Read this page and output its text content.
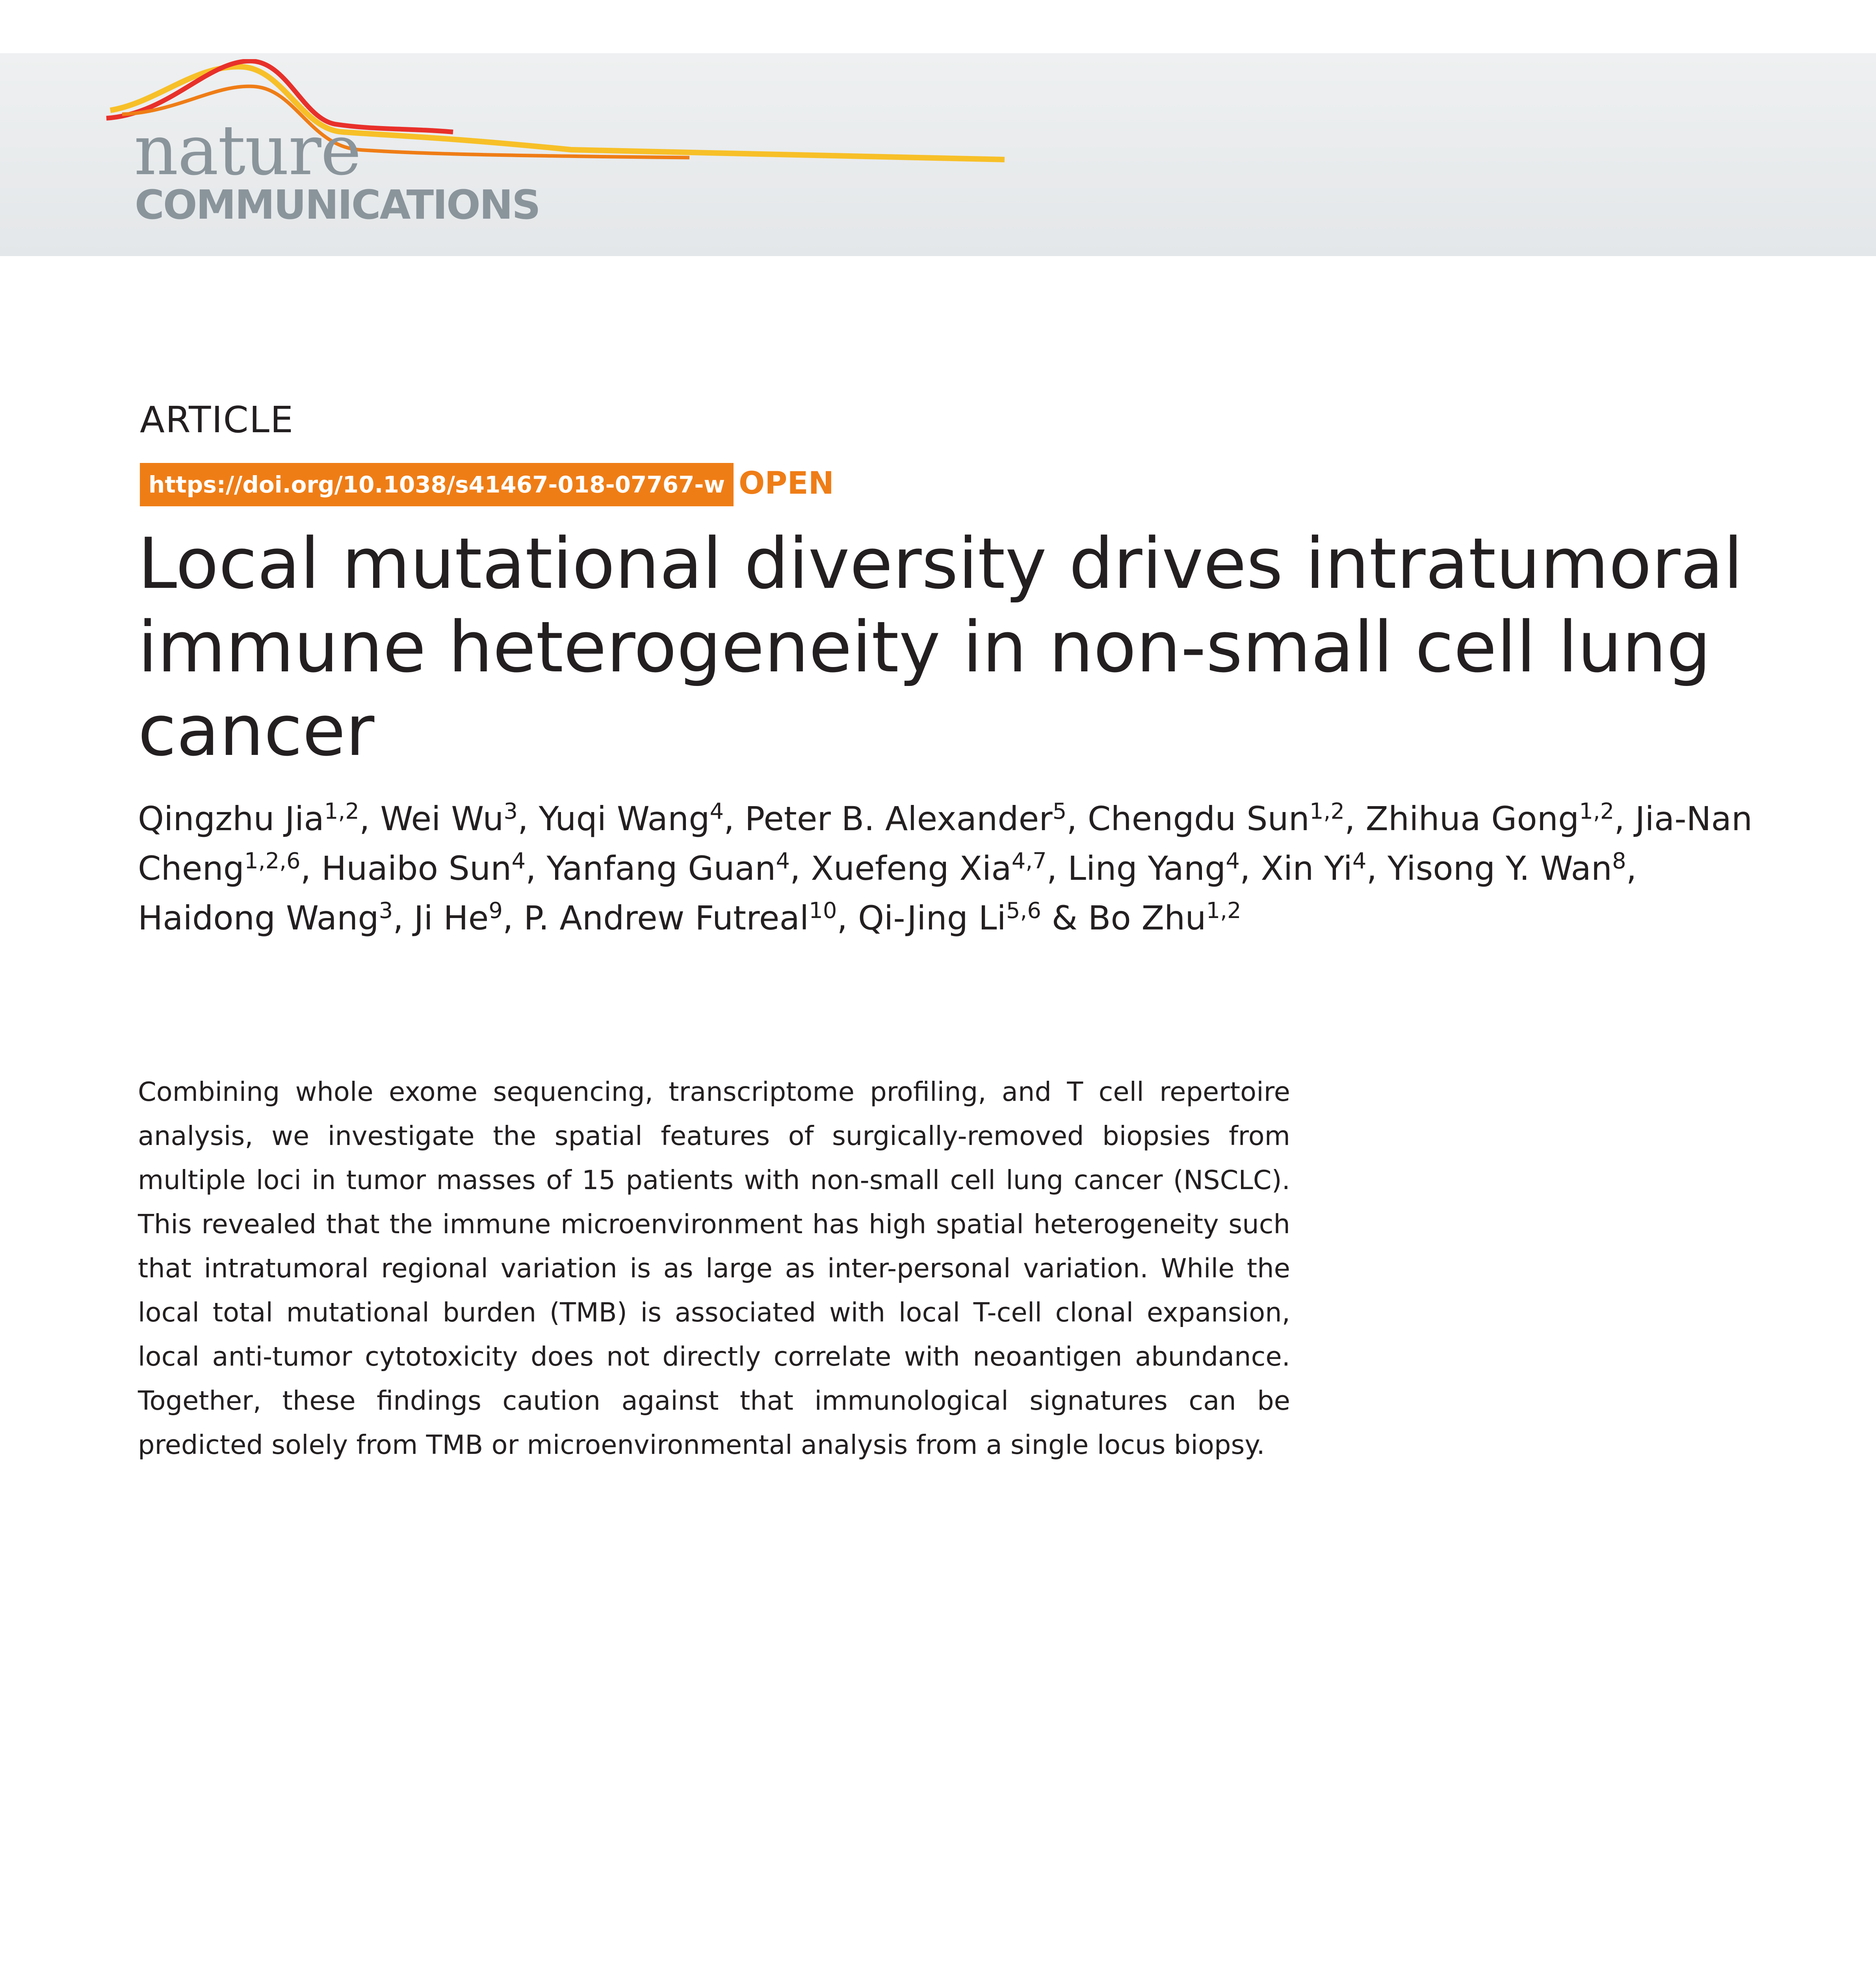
nature
COMMUNICATIONS
ARTICLE
https://doi.org/10.1038/s41467-018-07767-w OPEN
Local mutational diversity drives intratumoral immune heterogeneity in non-small cell lung cancer
Qingzhu Jia$^{1,2}$, Wei Wu$^3$, Yuqi Wang$^4$, Peter B. Alexander$^5$, Chengdu Sun$^{1,2}$, Zhihua Gong$^{1,2}$, Jia-Nan Cheng$^{1,2,6}$, Huaibo Sun$^4$, Yanfang Guan$^4$, Xuefeng Xia$^{4,7}$, Ling Yang$^4$, Xin Yi$^4$, Yisong Y. Wan$^8$, Haidong Wang$^3$, Ji He$^9$, P. Andrew Futreal$^{10}$, Qi-Jing Li$^{5,6}$ & Bo Zhu$^{1,2}$

Combining whole exome sequencing, transcriptome profiling, and T cell repertoire analysis, we investigate the spatial features of surgically-removed biopsies from multiple loci in tumor masses of 15 patients with non-small cell lung cancer (NSCLC). This revealed that the immune microenvironment has high spatial heterogeneity such that intratumoral regional variation is as large as inter-personal variation. While the local total mutational burden (TMB) is associated with local T-cell clonal expansion, local anti-tumor cytotoxicity does not directly correlate with neoantigen abundance. Together, these findings caution against that immunological signatures can be predicted solely from TMB or microenvironmental analysis from a single locus biopsy.
